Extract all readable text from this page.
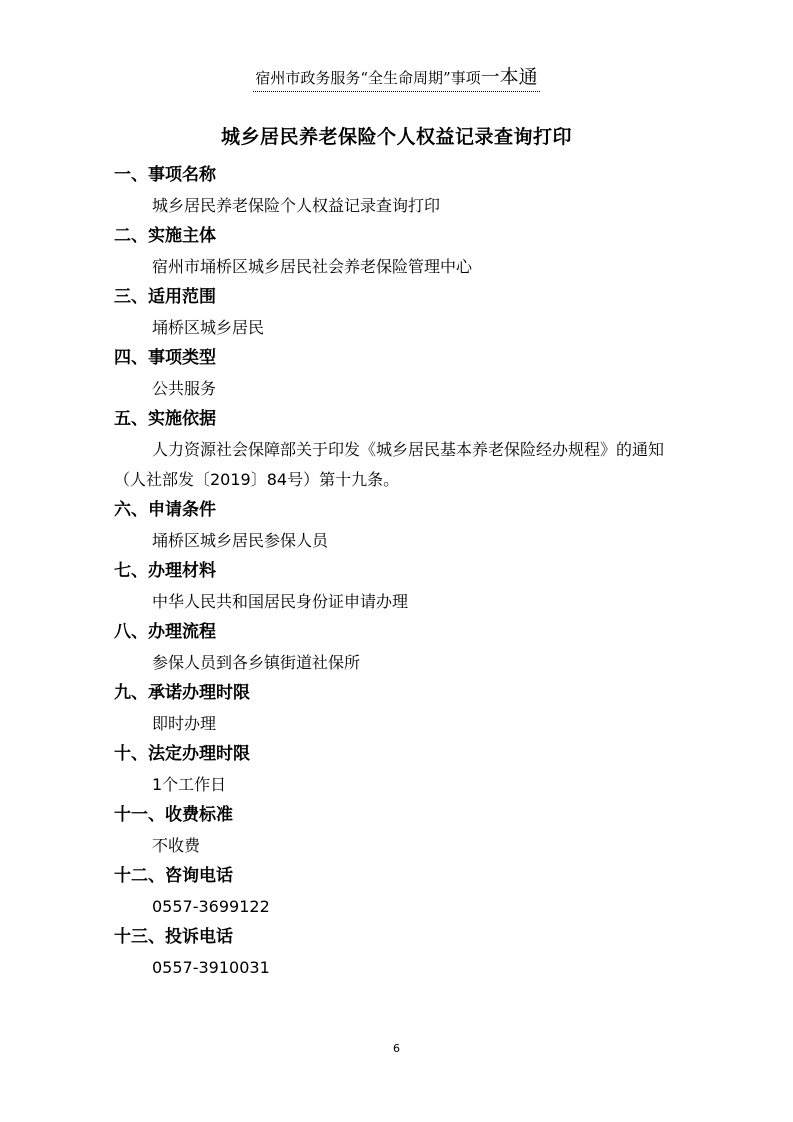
宿州市政务服务“全生命周期”事项一本通
城乡居民养老保险个人权益记录查询打印
一、事项名称
城乡居民养老保险个人权益记录查询打印
二、实施主体
宿州市埇桥区城乡居民社会养老保险管理中心
三、适用范围
埇桥区城乡居民
四、事项类型
公共服务
五、实施依据
人力资源社会保障部关于印发《城乡居民基本养老保险经办规程》的通知（人社部发〔2019〕84号）第十九条。
六、申请条件
埇桥区城乡居民参保人员
七、办理材料
中华人民共和国居民身份证申请办理
八、办理流程
参保人员到各乡镇街道社保所
九、承诺办理时限
即时办理
十、法定办理时限
1个工作日
十一、收费标准
不收费
十二、咨询电话
0557-3699122
十三、投诉电话
0557-3910031
6
